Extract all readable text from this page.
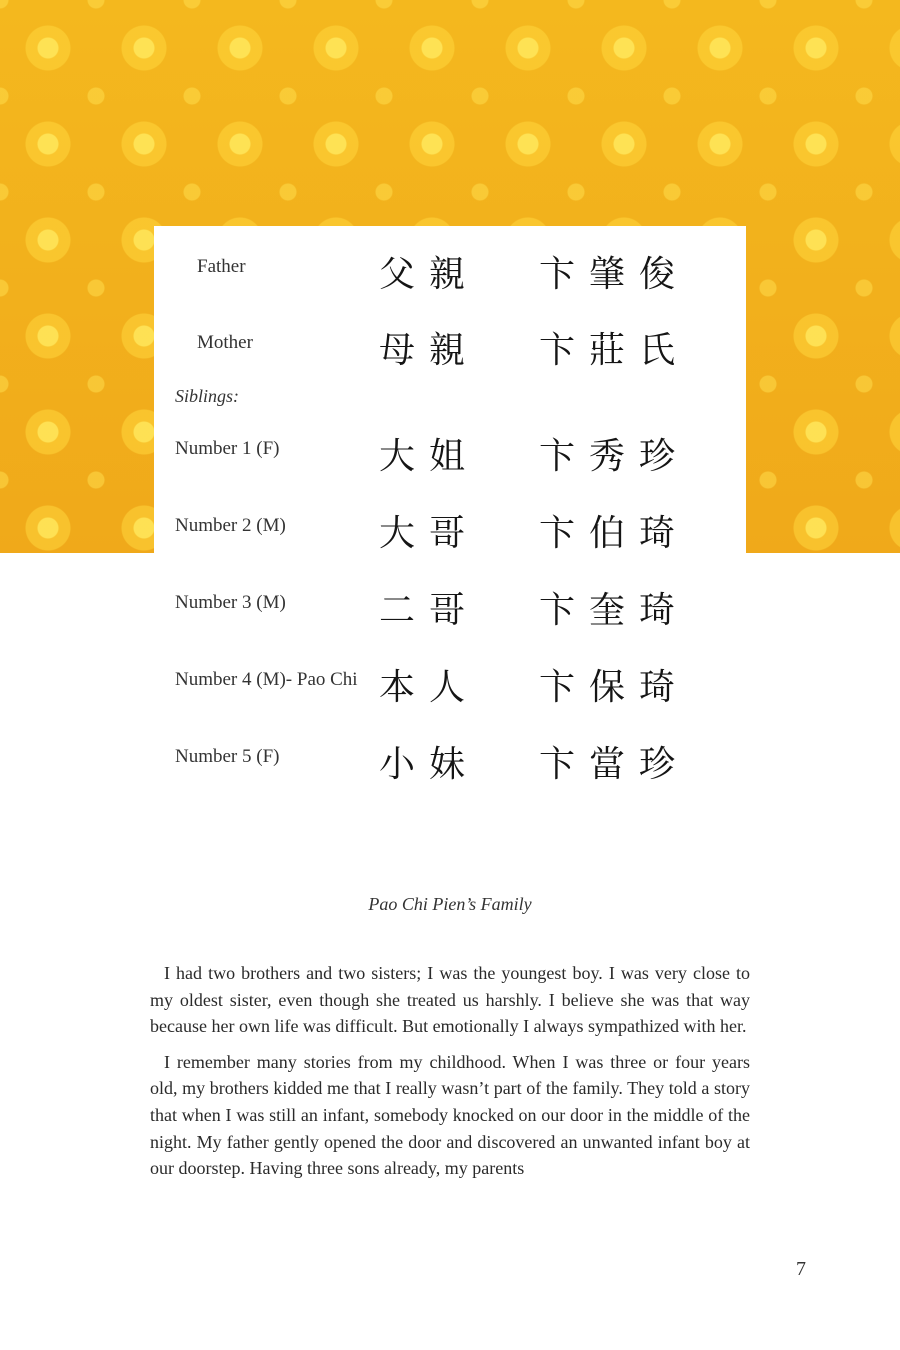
Father	父親 卞肇俊
Mother	母親 卞莊氏
Siblings:
Number 1 (F)	大姐 卞秀珍
Number 2 (M)	大哥 卞伯琦
Number 3 (M)	二哥 卞奎琦
Number 4 (M)- Pao Chi 本人 卞保琦
Number 5 (F)	小妹 卞當珍
Pao Chi Pien’s Family

I had two brothers and two sisters; I was the youngest boy. I was very close to my oldest sister, even though she treated us harshly. I believe she was that way because her own life was difficult. But emotionally I always sympathized with her.

I remember many stories from my childhood. When I was three or four years old, my brothers kidded me that I really wasn’t part of the family. They told a story that when I was still an infant, somebody knocked on our door in the middle of the night. My father gently opened the door and discovered an unwanted infant boy at our doorstep. Having three sons already, my parents

7
